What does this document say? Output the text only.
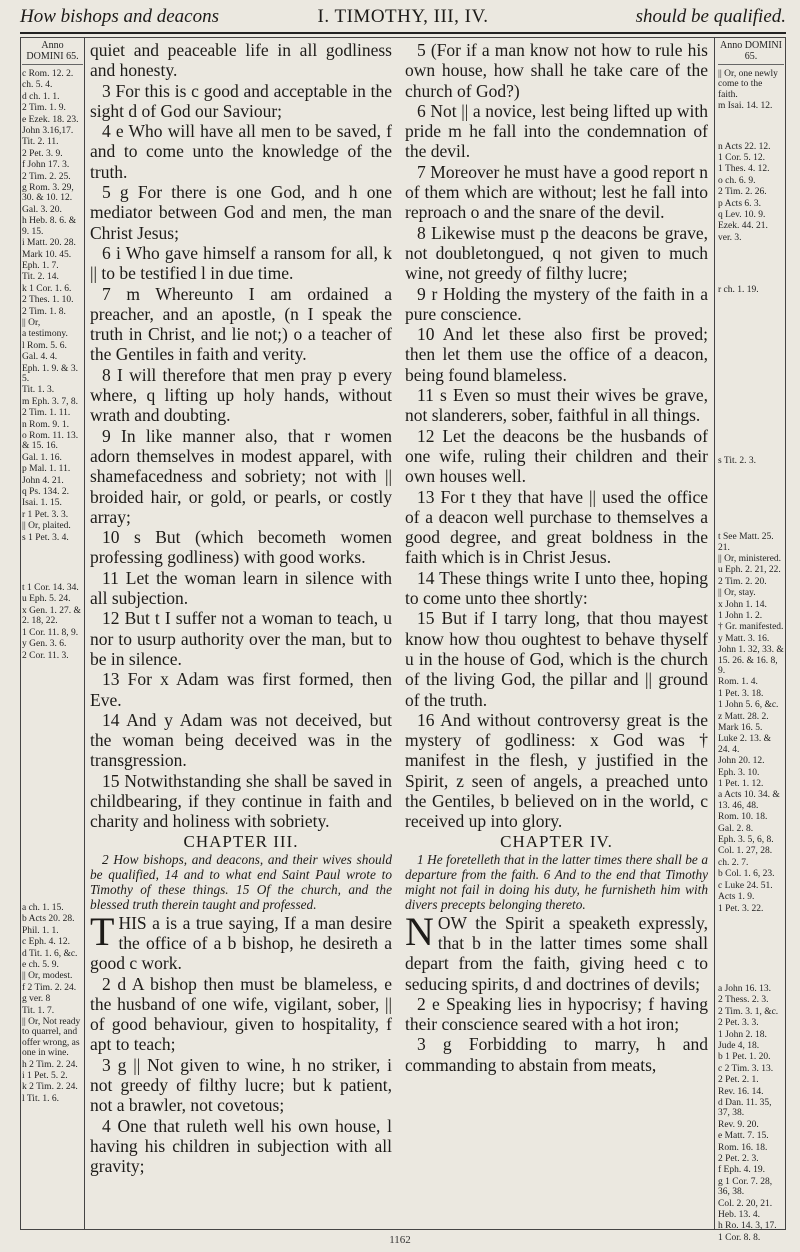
How bishops and deacons	I. TIMOTHY, III, IV.	should be qualified.
Anno DOMINI 65.
c Rom. 12. 2.
ch. 5. 4.
d ch. 1. 1.
2 Tim. 1. 9.
e Ezek. 18. 23.
John 3.16,17.
Tit. 2. 11.
2 Pet. 3. 9.
f John 17. 3.
2 Tim. 2. 25.
g Rom. 3. 29, 30. & 10. 12.
Gal. 3. 20.
h Heb. 8. 6. & 9. 15.
i Matt. 20. 28.
Mark 10. 45.
Eph. 1. 7.
Tit. 2. 14.
k 1 Cor. 1. 6.
2 Thes. 1. 10.
2 Tim. 1. 8.
|| Or,
a testimony.
l Rom. 5. 6.
Gal. 4. 4.
Eph. 1. 9. & 3. 5.
Tit. 1. 3.
m Eph. 3. 7, 8.
2 Tim. 1. 11.
n Rom. 9. 1.
o Rom. 11. 13. & 15. 16.
Gal. 1. 16.
p Mal. 1. 11.
John 4. 21.
q Ps. 134. 2.
Isai. 1. 15.
r 1 Pet. 3. 3.
|| Or, plaited.
s 1 Pet. 3. 4.
t 1 Cor. 14. 34.
u Eph. 5. 24.
x Gen. 1. 27. & 2. 18, 22.
1 Cor. 11. 8, 9.
y Gen. 3. 6.
2 Cor. 11. 3.
a ch. 1. 15.
b Acts 20. 28.
Phil. 1. 1.
c Eph. 4. 12.
d Tit. 1. 6, &c.
e ch. 5. 9.
|| Or, modest.
f 2 Tim. 2. 24.
g ver. 8
Tit. 1. 7.
|| Or, Not ready to quarrel, and offer wrong, as one in wine.
h 2 Tim. 2. 24.
i 1 Pet. 5. 2.
k 2 Tim. 2. 24.
l Tit. 1. 6.

quiet and peaceable life in all godliness and honesty.

3 For this is c good and acceptable in the sight d of God our Saviour;

4 e Who will have all men to be saved, f and to come unto the knowledge of the truth.

5 g For there is one God, and h one mediator between God and men, the man Christ Jesus;

6 i Who gave himself a ransom for all, k || to be testified l in due time.

7 m Whereunto I am ordained a preacher, and an apostle, (n I speak the truth in Christ, and lie not;) o a teacher of the Gentiles in faith and verity.

8 I will therefore that men pray p every where, q lifting up holy hands, without wrath and doubting.

9 In like manner also, that r women adorn themselves in modest apparel, with shamefacedness and sobriety; not with || broided hair, or gold, or pearls, or costly array;

10 s But (which becometh women professing godliness) with good works.

11 Let the woman learn in silence with all subjection.

12 But t I suffer not a woman to teach, u nor to usurp authority over the man, but to be in silence.

13 For x Adam was first formed, then Eve.

14 And y Adam was not deceived, but the woman being deceived was in the transgression.

15 Notwithstanding she shall be saved in childbearing, if they continue in faith and charity and holiness with sobriety.

CHAPTER III.

2 How bishops, and deacons, and their wives should be qualified, 14 and to what end Saint Paul wrote to Timothy of these things. 15 Of the church, and the blessed truth therein taught and professed.

THIS a is a true saying, If a man desire the office of a b bishop, he desireth a good c work.

2 d A bishop then must be blameless, e the husband of one wife, vigilant, sober, || of good behaviour, given to hospitality, f apt to teach;

3 g || Not given to wine, h no striker, i not greedy of filthy lucre; but k patient, not a brawler, not covetous;

4 One that ruleth well his own house, l having his children in subjection with all gravity;

5 (For if a man know not how to rule his own house, how shall he take care of the church of God?)

6 Not || a novice, lest being lifted up with pride m he fall into the condemnation of the devil.

7 Moreover he must have a good report n of them which are without; lest he fall into reproach o and the snare of the devil.

8 Likewise must p the deacons be grave, not doubletongued, q not given to much wine, not greedy of filthy lucre;

9 r Holding the mystery of the faith in a pure conscience.

10 And let these also first be proved; then let them use the office of a deacon, being found blameless.

11 s Even so must their wives be grave, not slanderers, sober, faithful in all things.

12 Let the deacons be the husbands of one wife, ruling their children and their own houses well.

13 For t they that have || used the office of a deacon well purchase to themselves a good degree, and great boldness in the faith which is in Christ Jesus.

14 These things write I unto thee, hoping to come unto thee shortly:

15 But if I tarry long, that thou mayest know how thou oughtest to behave thyself u in the house of God, which is the church of the living God, the pillar and || ground of the truth.

16 And without controversy great is the mystery of godliness: x God was † manifest in the flesh, y justified in the Spirit, z seen of angels, a preached unto the Gentiles, b believed on in the world, c received up into glory.

CHAPTER IV.

1 He foretelleth that in the latter times there shall be a departure from the faith. 6 And to the end that Timothy might not fail in doing his duty, he furnisheth him with divers precepts belonging thereto.

NOW the Spirit a speaketh expressly, that b in the latter times some shall depart from the faith, giving heed c to seducing spirits, d and doctrines of devils;

2 e Speaking lies in hypocrisy; f having their conscience seared with a hot iron;

3 g Forbidding to marry, h and commanding to abstain from meats,

Anno DOMINI 65.
|| Or, one newly come to the faith.
m Isai. 14. 12.
n Acts 22. 12.
1 Cor. 5. 12.
1 Thes. 4. 12.
o ch. 6. 9.
2 Tim. 2. 26.
p Acts 6. 3.
q Lev. 10. 9.
Ezek. 44. 21.
ver. 3.
r ch. 1. 19.
s Tit. 2. 3.
t See Matt. 25. 21.
|| Or, ministered.
u Eph. 2. 21, 22.
2 Tim. 2. 20.
|| Or, stay.
x John 1. 14.
1 John 1. 2.
† Gr. manifested.
y Matt. 3. 16.
John 1. 32, 33. & 15. 26. & 16. 8, 9.
Rom. 1. 4.
1 Pet. 3. 18.
1 John 5. 6, &c.
z Matt. 28. 2.
Mark 16. 5.
Luke 2. 13. & 24. 4.
John 20. 12.
Eph. 3. 10.
1 Pet. 1. 12.
a Acts 10. 34. & 13. 46, 48.
Rom. 10. 18.
Gal. 2. 8.
Eph. 3. 5, 6, 8.
Col. 1. 27, 28.
ch. 2. 7.
b Col. 1. 6, 23.
c Luke 24. 51.
Acts 1. 9.
1 Pet. 3. 22.
a John 16. 13.
2 Thess. 2. 3.
2 Tim. 3. 1, &c.
2 Pet. 3. 3.
1 John 2. 18.
Jude 4, 18.
b 1 Pet. 1. 20.
c 2 Tim. 3. 13.
2 Pet. 2. 1.
Rev. 16. 14.
d Dan. 11. 35, 37, 38.
Rev. 9. 20.
e Matt. 7. 15.
Rom. 16. 18.
2 Pet. 2. 3.
f Eph. 4. 19.
g 1 Cor. 7. 28, 36, 38.
Col. 2. 20, 21.
Heb. 13. 4.
h Ro. 14. 3, 17.
1 Cor. 8. 8.
1162
